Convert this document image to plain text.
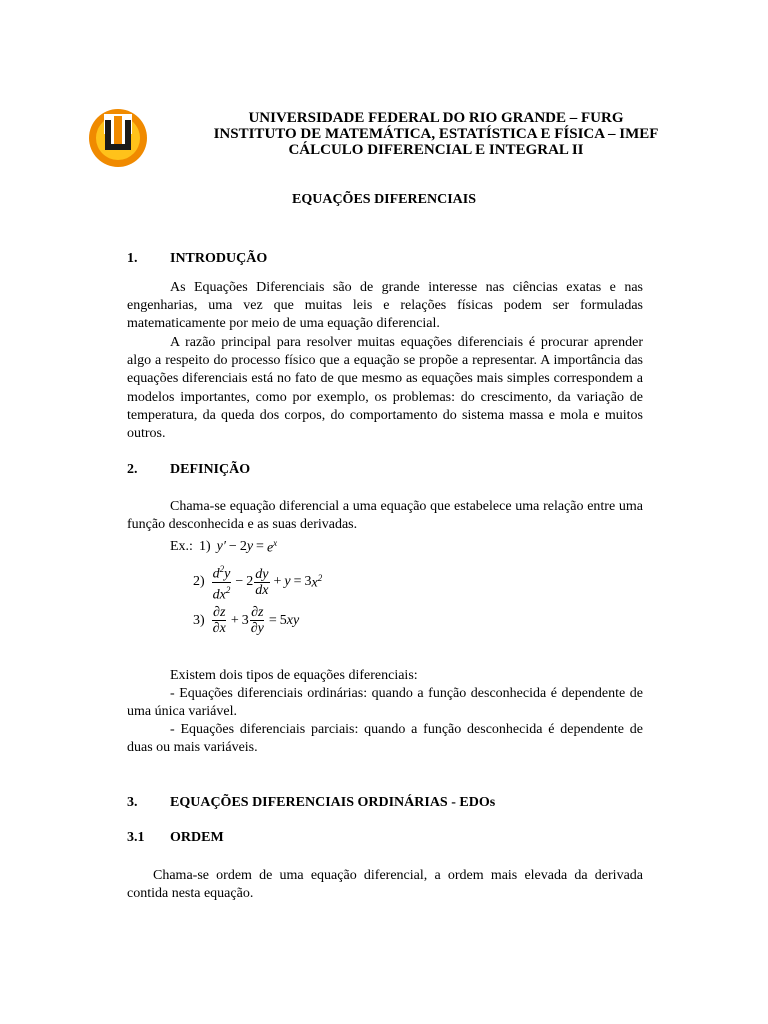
UNIVERSIDADE FEDERAL DO RIO GRANDE – FURG
INSTITUTO DE MATEMÁTICA, ESTATÍSTICA E FÍSICA – IMEF
CÁLCULO DIFERENCIAL E INTEGRAL II
EQUAÇÕES DIFERENCIAIS
1. INTRODUÇÃO
As Equações Diferenciais são de grande interesse nas ciências exatas e nas engenharias, uma vez que muitas leis e relações físicas podem ser formuladas matematicamente por meio de uma equação diferencial.
A razão principal para resolver muitas equações diferenciais é procurar aprender algo a respeito do processo físico que a equação se propõe a representar. A importância das equações diferenciais está no fato de que mesmo as equações mais simples correspondem a modelos importantes, como por exemplo, os problemas: do crescimento, da variação de temperatura, da queda dos corpos, do comportamento do sistema massa e mola e muitos outros.
2. DEFINIÇÃO
Chama-se equação diferencial a uma equação que estabelece uma relação entre uma função desconhecida e as suas derivadas.
Ex.: 1) y′ − 2 $y = e^x$
$2) \frac{d^2y}{dx^2} - 2 \frac{dy}{dx} + y = 3$ $x^2$
$3) \frac{\partial z}{\partial x} + 3 \frac{\partial z}{\partial y} = 5$ xy
Existem dois tipos de equações diferenciais:
- Equações diferenciais ordinárias: quando a função desconhecida é dependente de uma única variável.
- Equações diferenciais parciais: quando a função desconhecida é dependente de duas ou mais variáveis.
3. EQUAÇÕES DIFERENCIAIS ORDINÁRIAS - EDOs
3.1 ORDEM
Chama-se ordem de uma equação diferencial, a ordem mais elevada da derivada contida nesta equação.
